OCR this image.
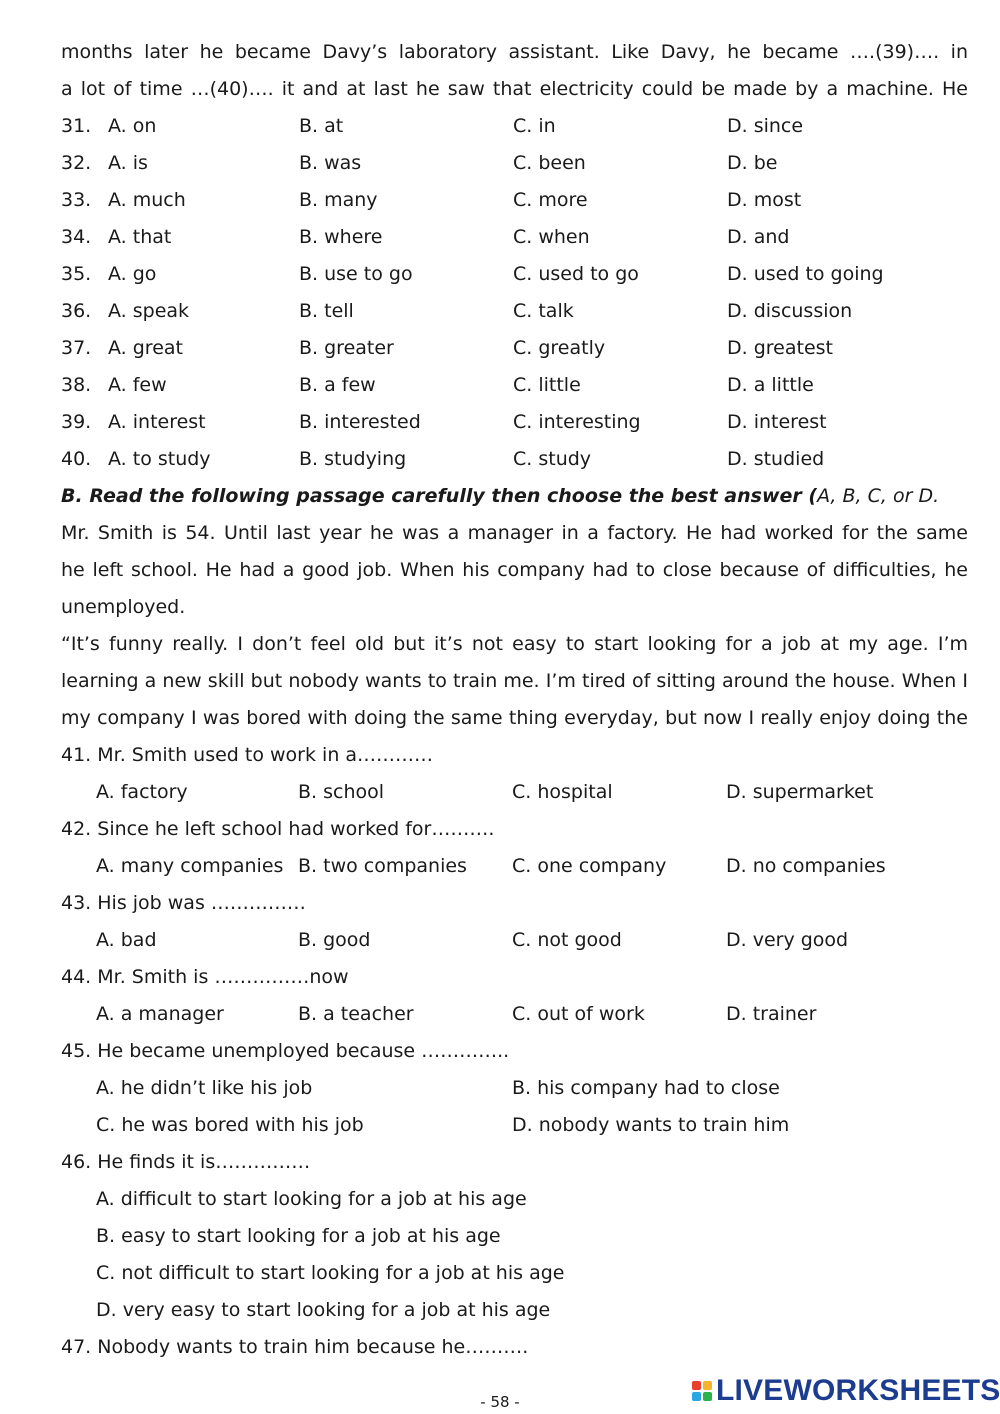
months later he became Davy’s laboratory assistant. Like Davy, he became ….(39)…. in
a lot of time …(40)…. it and at last he saw that electricity could be made by a machine. He
31. A. on	B. at	C. in	D. since
32. A. is	B. was	C. been	D. be
33. A. much	B. many	C. more	D. most
34. A. that	B. where	C. when	D. and
35. A. go	B. use to go	C. used to go	D. used to going
36. A. speak	B. tell	C. talk	D. discussion
37. A. great	B. greater	C. greatly	D. greatest
38. A. few	B. a few	C. little	D. a little
39. A. interest	B. interested	C. interesting	D. interest
40. A. to study	B. studying	C. study	D. studied
B. Read the following passage carefully then choose the best answer (A, B, C, or D.
Mr. Smith is 54. Until last year he was a manager in a factory. He had worked for the same
he left school. He had a good job. When his company had to close because of difficulties, he
unemployed.
“It’s funny really. I don’t feel old but it’s not easy to start looking for a job at my age. I’m
learning a new skill but nobody wants to train me. I’m tired of sitting around the house. When I
my company I was bored with doing the same thing everyday, but now I really enjoy doing the
41. Mr. Smith used to work in a…………
A. factory	B. school	C. hospital	D. supermarket
42. Since he left school had worked for……….
A. many companies B. two companies C. one company	D. no companies
43. His job was ……………
A. bad	B. good	C. not good	D. very good
44. Mr. Smith is ……………now
A. a manager	B. a teacher	C. out of work	D. trainer
45. He became unemployed because …………..
A. he didn’t like his job	B. his company had to close
C. he was bored with his job	D. nobody wants to train him
46. He finds it is……………
A. difficult to start looking for a job at his age
B. easy to start looking for a job at his age
C. not difficult to start looking for a job at his age
D. very easy to start looking for a job at his age
47. Nobody wants to train him because he……….
- 58 -	LIVEWORKSHEETS
